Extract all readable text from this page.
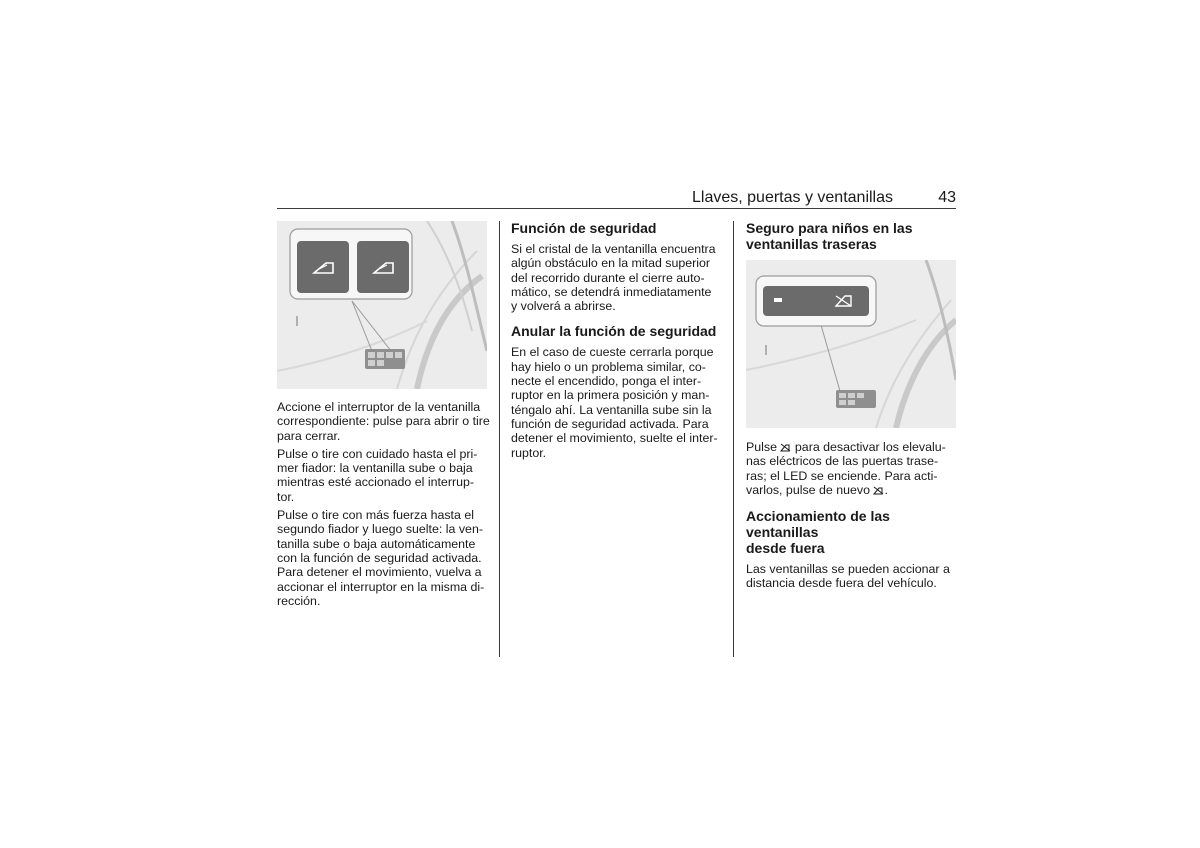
Llaves, puertas y ventanillas	43

Accione el interruptor de la ventanilla correspondiente: pulse para abrir o tire para cerrar.

Pulse o tire con cuidado hasta el pri-
mer fiador: la ventanilla sube o baja
mientras esté accionado el interrup-
tor.

Pulse o tire con más fuerza hasta el
segundo fiador y luego suelte: la ven-
tanilla sube o baja automáticamente
con la función de seguridad activada.
Para detener el movimiento, vuelva a
accionar el interruptor en la misma di-
rección.

Función de seguridad

Si el cristal de la ventanilla encuentra
algún obstáculo en la mitad superior
del recorrido durante el cierre auto-
mático, se detendrá inmediatamente
y volverá a abrirse.

Anular la función de seguridad

En el caso de cueste cerrarla porque
hay hielo o un problema similar, co-
necte el encendido, ponga el inter-
ruptor en la primera posición y man-
téngalo ahí. La ventanilla sube sin la
función de seguridad activada. Para
detener el movimiento, suelte el inter-
ruptor.

Seguro para niños en las
ventanillas traseras

Pulse para desactivar los elevalu-
nas eléctricos de las puertas trase-
ras; el LED se enciende. Para acti-
varlos, pulse de nuevo .

Accionamiento de las ventanillas
desde fuera

Las ventanillas se pueden accionar a
distancia desde fuera del vehículo.
